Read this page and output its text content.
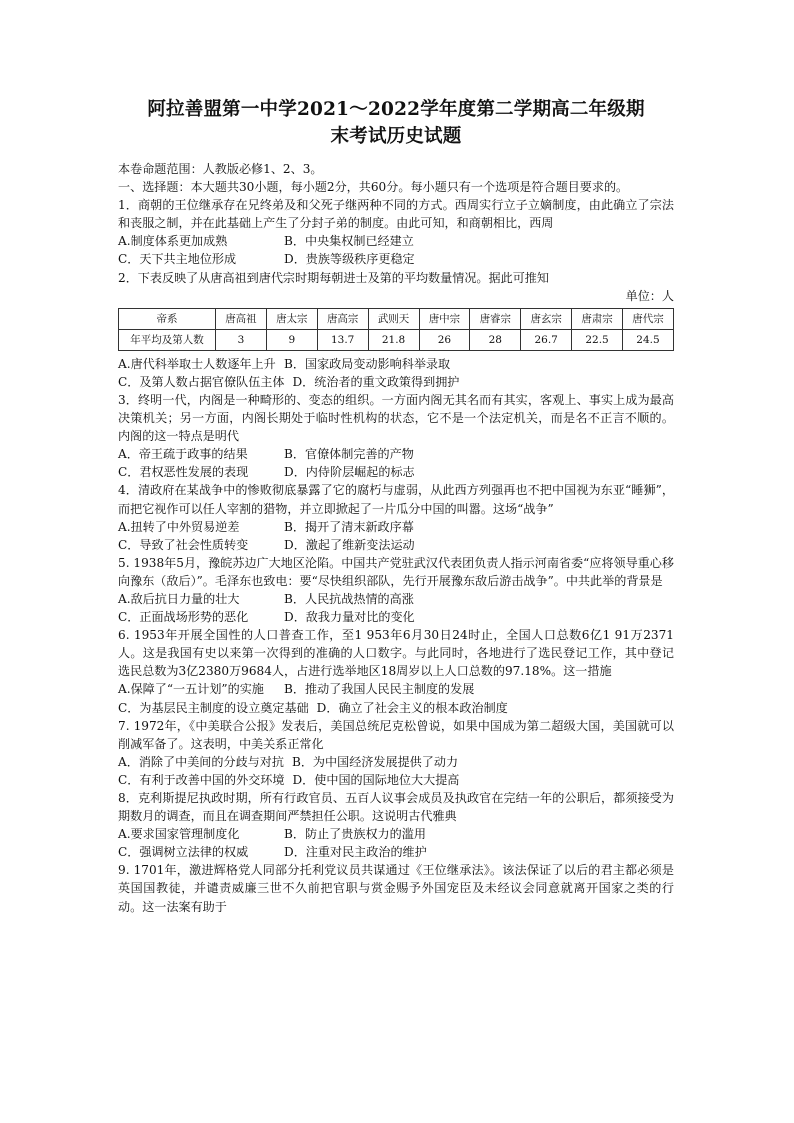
阿拉善盟第一中学2021～2022学年度第二学期高二年级期
末考试历史试题

本卷命题范围：人教版必修1、2、3。

一、选择题：本大题共30小题，每小题2分，共60分。每小题只有一个选项是符合题目要求的。

1．商朝的王位继承存在兄终弟及和父死子继两种不同的方式。西周实行立子立嫡制度，由此确立了宗法和丧服之制，并在此基础上产生了分封子弟的制度。由此可知，和商朝相比，西周

A.制度体系更加成熟	B．中央集权制已经建立

C．天下共主地位形成	D．贵族等级秩序更稳定

2．下表反映了从唐高祖到唐代宗时期每朝进士及第的平均数量情况。据此可推知

单位：人

帝系	唐高祖	唐太宗	唐高宗	武则天	唐中宗	唐睿宗	唐玄宗	唐肃宗	唐代宗
年平均及第人数	3	9	13.7	21.8	26	28	26.7	22.5	24.5

A.唐代科举取士人数逐年上升 B．国家政局变动影响科举录取

C．及第人数占据官僚队伍主体 D．统治者的重文政策得到拥护

3．终明一代，内阁是一种畸形的、变态的组织。一方面内阁无其名而有其实，客观上、事实上成为最高决策机关；另一方面，内阁长期处于临时性机构的状态，它不是一个法定机关，而是名不正言不顺的。内阁的这一特点是明代

A．帝王疏于政事的结果	B．官僚体制完善的产物

C．君权恶性发展的表现	D．内侍阶层崛起的标志

4．清政府在某战争中的惨败彻底暴露了它的腐朽与虚弱，从此西方列强再也不把中国视为东亚“睡狮”，而把它视作可以任人宰割的猎物，并立即掀起了一片瓜分中国的叫嚣。这场“战争”

A.扭转了中外贸易逆差	B．揭开了清末新政序幕

C．导致了社会性质转变	D．激起了维新变法运动

5. 1938年5月，豫皖苏边广大地区沦陷。中国共产党驻武汉代表团负责人指示河南省委“应将领导重心移向豫东（敌后）”。毛泽东也致电：要“尽快组织部队，先行开展豫东敌后游击战争”。中共此举的背景是

A.敌后抗日力量的壮大	B．人民抗战热情的高涨

C．正面战场形势的恶化	D．敌我力量对比的变化

6. 1953年开展全国性的人口普查工作，至1 953年6月30日24时止，全国人口总数6亿1 91万2371人。这是我国有史以来第一次得到的准确的人口数字。与此同时，各地进行了选民登记工作，其中登记选民总数为3亿2380万9684人，占进行选举地区18周岁以上人口总数的97.18%。这一措施

A.保障了“一五计划”的实施 B．推动了我国人民民主制度的发展

C．为基层民主制度的设立奠定基础 D．确立了社会主义的根本政治制度

7. 1972年，《中美联合公报》发表后，美国总统尼克松曾说，如果中国成为第二超级大国，美国就可以削减军备了。这表明，中美关系正常化

A．消除了中美间的分歧与对抗 B．为中国经济发展提供了动力

C．有利于改善中国的外交环境 D．使中国的国际地位大大提高

8．克利斯提尼执政时期，所有行政官员、五百人议事会成员及执政官在完结一年的公职后，都须接受为期数月的调查，而且在调查期间严禁担任公职。这说明古代雅典

A.要求国家管理制度化	B．防止了贵族权力的滥用

C．强调树立法律的权威	D．注重对民主政治的维护

9. 1701年，激进辉格党人同部分托利党议员共谋通过《王位继承法》。该法保证了以后的君主都必须是英国国教徒，并谴责威廉三世不久前把官职与赏金赐予外国宠臣及未经议会同意就离开国家之类的行动。这一法案有助于
